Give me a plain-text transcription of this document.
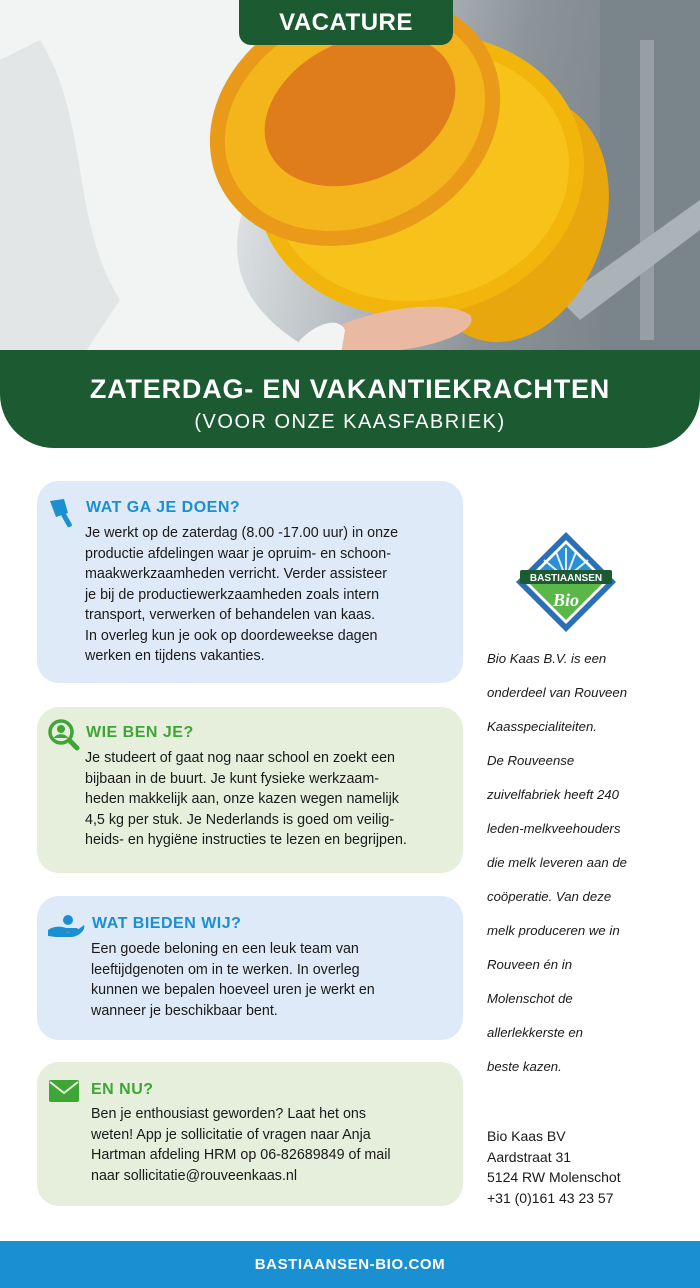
VACATURE
ZATERDAG- EN VAKANTIEKRACHTEN
(VOOR ONZE KAASFABRIEK)
WAT GA JE DOEN?
Je werkt op de zaterdag (8.00 -17.00 uur) in onze
productie afdelingen waar je opruim- en schoon-
maakwerkzaamheden verricht. Verder assisteer
je bij de productiewerkzaamheden zoals intern
transport, verwerken of behandelen van kaas.
In overleg kun je ook op doordeweekse dagen
werken en tijdens vakanties.
WIE BEN JE?
Je studeert of gaat nog naar school en zoekt een
bijbaan in de buurt. Je kunt fysieke werkzaam-
heden makkelijk aan, onze kazen wegen namelijk
4,5 kg per stuk. Je Nederlands is goed om veilig-
heids- en hygiëne instructies te lezen en begrijpen.
WAT BIEDEN WIJ?
Een goede beloning en een leuk team van
leeftijdgenoten om in te werken. In overleg
kunnen we bepalen hoeveel uren je werkt en
wanneer je beschikbaar bent.
EN NU?
Ben je enthousiast geworden? Laat het ons
weten! App je sollicitatie of vragen naar Anja
Hartman afdeling HRM op 06-82689849 of mail
naar sollicitatie@rouveenkaas.nl
BASTIAANSEN
Bio
Bio Kaas B.V. is een
onderdeel van Rouveen
Kaasspecialiteiten.
De Rouveense
zuivelfabriek heeft 240
leden-melkveehouders
die melk leveren aan de
coöperatie. Van deze
melk produceren we in
Rouveen én in
Molenschot de
allerlekkerste en
beste kazen.
Bio Kaas BV
Aardstraat 31
5124 RW Molenschot
+31 (0)161 43 23 57
BASTIAANSEN-BIO.COM
